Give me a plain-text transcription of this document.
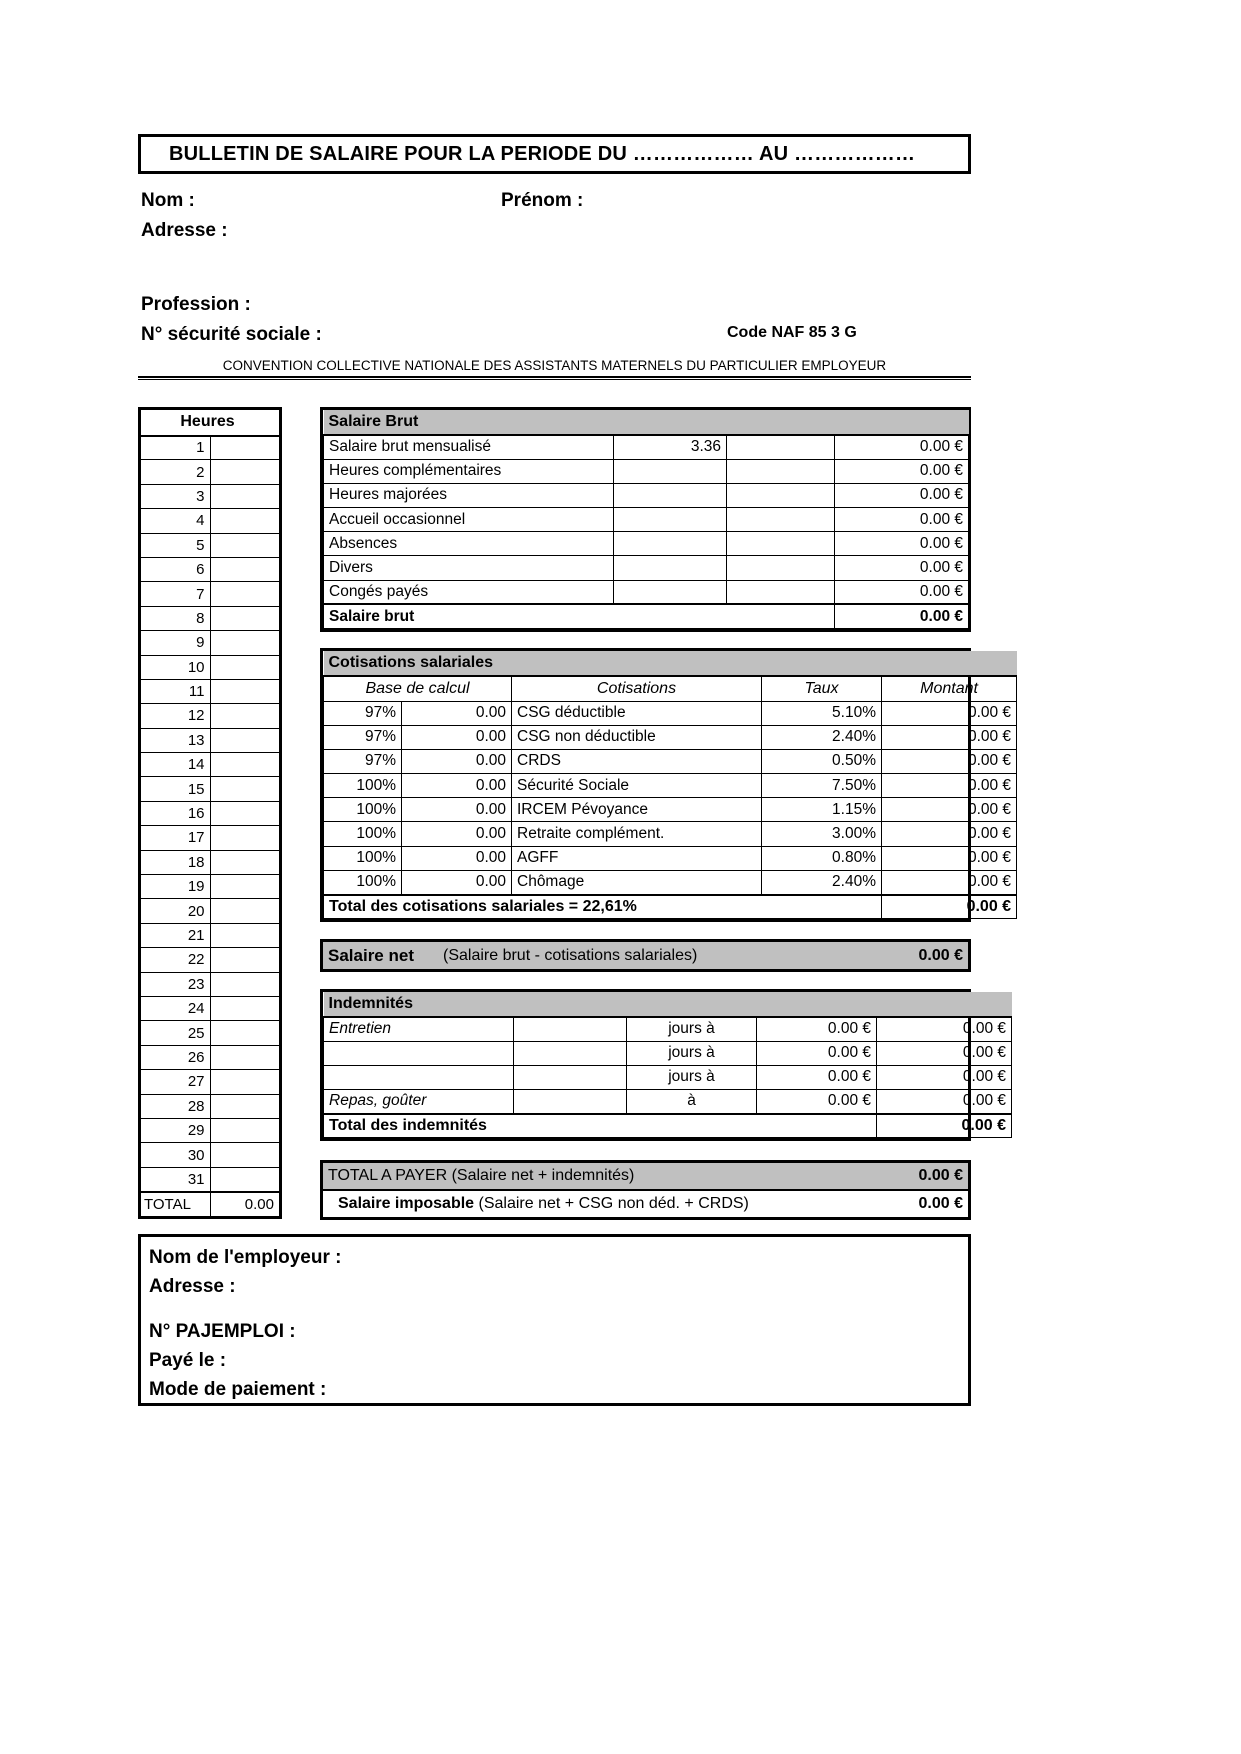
BULLETIN DE SALAIRE POUR LA PERIODE DU ……………… AU ………………
Nom :	Prénom :
Adresse :
Profession :
N° sécurité sociale :	Code NAF 85 3 G
CONVENTION COLLECTIVE NATIONALE DES ASSISTANTS MATERNELS DU PARTICULIER EMPLOYEUR
Heures	
1	
2	
3	
4	
5	
6	
7	
8	
9	
10	
11	
12	
13	
14	
15	
16	
17	
18	
19	
20	
21	
22	
23	
24	
25	
26	
27	
28	
29	
30	
31	
TOTAL	0.00
Salaire Brut			
Salaire brut mensualisé	3.36		0.00 €
Heures complémentaires			0.00 €
Heures majorées			0.00 €
Accueil occasionnel			0.00 €
Absences			0.00 €
Divers			0.00 €
Congés payés			0.00 €
Salaire brut			0.00 €
Cotisations salariales				
Base de calcul		Cotisations	Taux	Montant
97%	0.00	CSG déductible	5.10%	0.00 €
97%	0.00	CSG non déductible	2.40%	0.00 €
97%	0.00	CRDS	0.50%	0.00 €
100%	0.00	Sécurité Sociale	7.50%	0.00 €
100%	0.00	IRCEM Pévoyance	1.15%	0.00 €
100%	0.00	Retraite complément.	3.00%	0.00 €
100%	0.00	AGFF	0.80%	0.00 €
100%	0.00	Chômage	2.40%	0.00 €
Total des cotisations salariales = 22,61%				0.00 €
Salaire net	(Salaire brut - cotisations salariales)	0.00 €
Indemnités				
Entretien		jours à	0.00 €	0.00 €
		jours à	0.00 €	0.00 €
		jours à	0.00 €	0.00 €
Repas, goûter		à	0.00 €	0.00 €
Total des indemnités				0.00 €
TOTAL A PAYER (Salaire net + indemnités)	0.00 €
Salaire imposable (Salaire net + CSG non déd. + CRDS)	0.00 €
Nom de l'employeur :
Adresse :
N° PAJEMPLOI :
Payé le :
Mode de paiement :
